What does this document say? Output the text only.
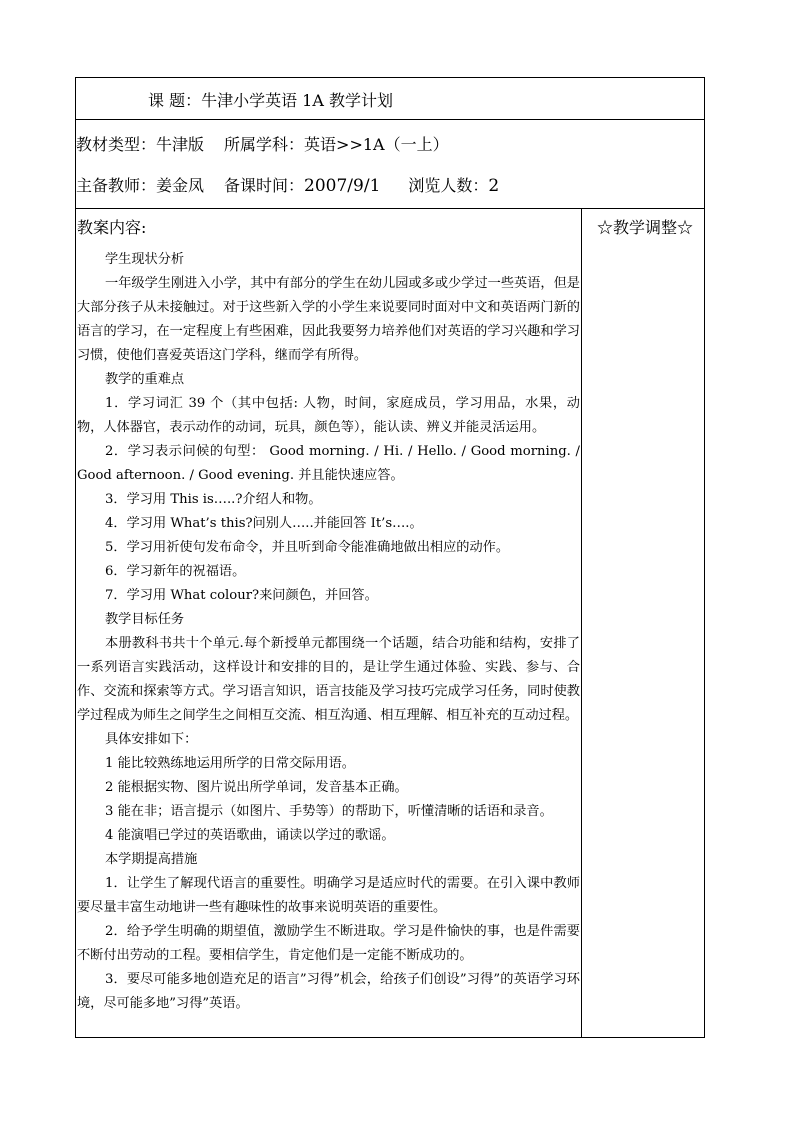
课 题：牛津小学英语 1A 教学计划
教材类型：牛津版 所属学科：英语>>1A（一上）
主备教师：姜金凤 备课时间：2007/9/1 浏览人数：2
教案内容:	☆教学调整☆

学生现状分析

一年级学生刚进入小学，其中有部分的学生在幼儿园或多或少学过一些英语，但是大部分孩子从未接触过。对于这些新入学的小学生来说要同时面对中文和英语两门新的语言的学习，在一定程度上有些困难，因此我要努力培养他们对英语的学习兴趣和学习习惯，使他们喜爱英语这门学科，继而学有所得。

教学的重难点

1．学习词汇 39 个（其中包括: 人物，时间，家庭成员，学习用品，水果，动物，人体器官，表示动作的动词，玩具，颜色等），能认读、辨义并能灵活运用。

2．学习表示问候的句型： Good morning. / Hi. / Hello. / Good morning. / Good afternoon. / Good evening. 并且能快速应答。

3．学习用 This is…..?介绍人和物。

4．学习用 What’s this?问别人…..并能回答 It’s….。

5．学习用祈使句发布命令，并且听到命令能准确地做出相应的动作。

6．学习新年的祝福语。

7．学习用 What colour?来问颜色，并回答。

教学目标任务

本册教科书共十个单元.每个新授单元都围绕一个话题，结合功能和结构，安排了一系列语言实践活动，这样设计和安排的目的，是让学生通过体验、实践、参与、合作、交流和探索等方式。学习语言知识，语言技能及学习技巧完成学习任务，同时使教学过程成为师生之间学生之间相互交流、相互沟通、相互理解、相互补充的互动过程。

具体安排如下：

1 能比较熟练地运用所学的日常交际用语。

2 能根据实物、图片说出所学单词，发音基本正确。

3 能在非；语言提示（如图片、手势等）的帮助下，听懂清晰的话语和录音。

4 能演唱已学过的英语歌曲，诵读以学过的歌谣。

本学期提高措施

1．让学生了解现代语言的重要性。明确学习是适应时代的需要。在引入课中教师要尽量丰富生动地讲一些有趣味性的故事来说明英语的重要性。

2．给予学生明确的期望值，激励学生不断进取。学习是件愉快的事，也是件需要不断付出劳动的工程。要相信学生，肯定他们是一定能不断成功的。

3．要尽可能多地创造充足的语言”习得”机会，给孩子们创设”习得”的英语学习环境，尽可能多地”习得”英语。
